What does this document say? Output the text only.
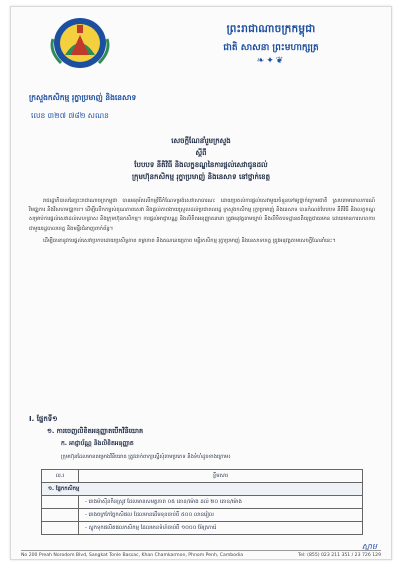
ព្រះរាជាណាចក្រកម្ពុជា
ជាតិ សាសនា ព្រះមហាក្សត្រ
❧✦❦
ក្រសួងកសិកម្ម រុក្ខាប្រមាញ់ និងនេសាទ
លេខ ៣២៧ ៧៨២ សណន
សេចក្តីណែនាំរួមក្រសួង
ស្តីពី
បែបបទ នីតិវិធី និងលក្ខខណ្ឌនៃការផ្តល់សេវាជូនដល់
ក្រុមហ៊ុនកសិកម្ម រុក្ខាប្រមាញ់ និងនេសាទ នៅថ្នាក់ខេត្ត

រាជរដ្ឋាភិបាលនៃព្រះរាជាណាចក្រកម្ពុជា បានអនុម័តលើកម្មវិធីកំណែទម្រង់សេវាសាធារណៈ ដោយប្រគល់ការផ្តល់សេវាមួយចំនួនទៅឲ្យថ្នាក់ក្រោមជាតិ ស្របតាមគោលការណ៍វិមជ្ឈការ និងវិសហមជ្ឈការ។ ដើម្បីលើកកម្ពស់គុណភាពសេវា និងផ្តល់ភាពងាយស្រួលដល់ប្រជាពលរដ្ឋ ក្រសួងកសិកម្ម រុក្ខាប្រមាញ់ និងនេសាទ បានកំណត់បែបបទ នីតិវិធី និងលក្ខខណ្ឌសម្រាប់ការផ្តល់សេវាដល់សហគ្រាស និងក្រុមហ៊ុនកសិកម្ម។ ការផ្តល់អាជ្ញាបណ្ណ និងលិខិតអនុញ្ញាតនានា ត្រូវអនុវត្តតាមច្បាប់ និងលិខិតបទដ្ឋានគតិយុត្តជាធរមាន ដោយមានការសហការជាមួយរដ្ឋបាលខេត្ត និងមន្ទីរជំនាញពាក់ព័ន្ធ។

ដើម្បីធានានូវការផ្តល់សេវាប្រកបដោយប្រសិទ្ធភាព តម្លាភាព និងគណនេយ្យភាព មន្ទីរកសិកម្ម រុក្ខាប្រមាញ់ និងនេសាទខេត្ត ត្រូវអនុវត្តតាមសេចក្តីណែនាំនេះ។

I. ផ្នែកទី១
១. ការចេញលិខិតអនុញ្ញាតបើកវិនិយោគ
ក. អាជ្ញាប័ណ្ណ និងលិខិតអនុញ្ញាត
ក្រុមហ៊ុនដែលមានគម្រោងវិនិយោគ ត្រូវដាក់ពាក្យស្នើសុំតាមប្រភេទ និងទំហំដូចខាងក្រោម៖
ល.រ	ខ្លឹមសារ
១. ផ្នែកកសិកម្ម
- រោងម៉ាស៊ីនកិនស្រូវ ដែលមានសមត្ថភាព ០៥ តោន/ម៉ោង ដល់ ២០ តោន/ម៉ោង
- រោងចក្រកែច្នៃកសិផល ដែលមានដើមទុនចាប់ពី ៥០០ លានរៀល
- ស្តុកទុកផលិតផលកសិកម្ម ដែលមានទំហំចាប់ពី ១០០០ ម៉ែត្រការ៉េ
ស្នាម
No 200 Preah Norodom Blvd, Sangkat Tonle Bassac, Khan Chamkarmon, Phnom Penh, Cambodia	Tel: (855) 023 211 351 / 23 726 129
